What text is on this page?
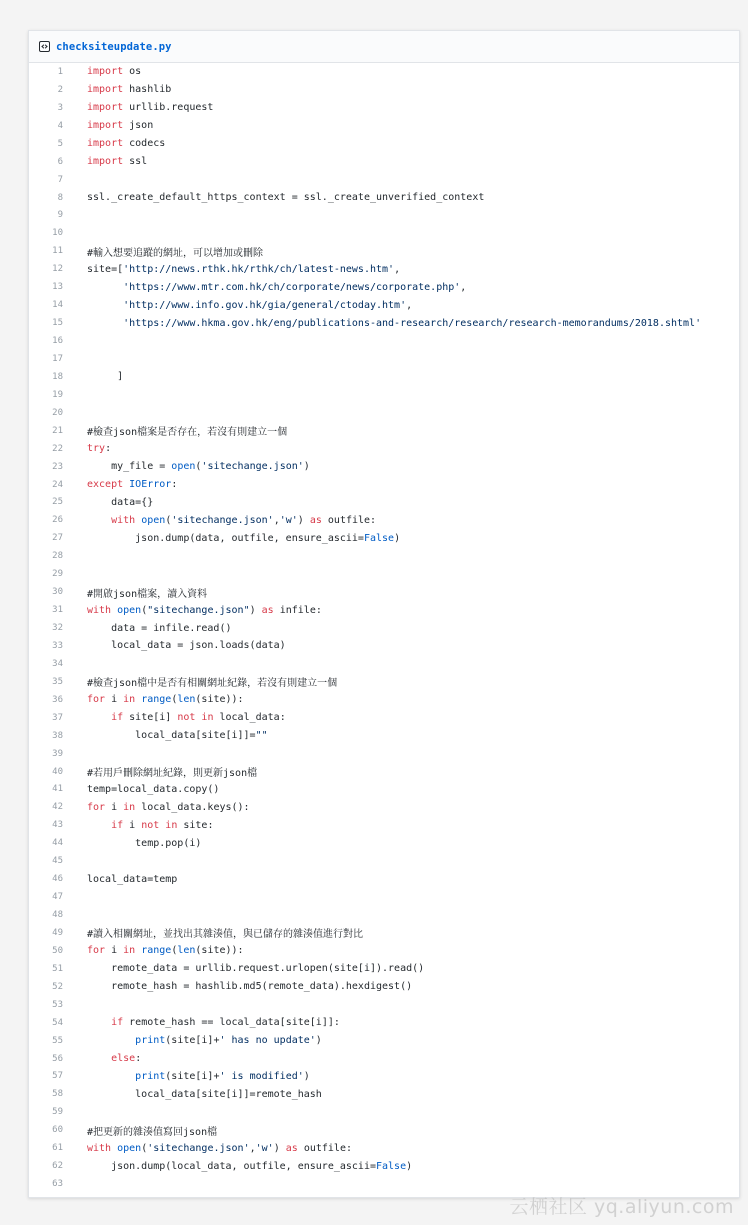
checksiteupdate.py
1	import os
2	import hashlib
3	import urllib.request
4	import json
5	import codecs
6	import ssl
7
8	ssl._create_default_https_context = ssl._create_unverified_context
9
10
11	#輸入想要追蹤的網址，可以增加或刪除
12	site=['http://news.rthk.hk/rthk/ch/latest-news.htm',
13	'https://www.mtr.com.hk/ch/corporate/news/corporate.php',
14	'http://www.info.gov.hk/gia/general/ctoday.htm',
15	'https://www.hkma.gov.hk/eng/publications-and-research/research/research-memorandums/2018.shtml'
16
17
18	]
19
20
21	#檢查json檔案是否存在，若沒有則建立一個
22	try:
23	my_file = open('sitechange.json')
24	except IOError:
25	data={}
26	with open('sitechange.json','w') as outfile:
27	json.dump(data, outfile, ensure_ascii=False)
28
29
30	#開啟json檔案，讀入資料
31	with open("sitechange.json") as infile:
32	data = infile.read()
33	local_data = json.loads(data)
34
35	#檢查json檔中是否有相關網址紀錄，若沒有則建立一個
36	for i in range(len(site)):
37	if site[i] not in local_data:
38	local_data[site[i]]=""
39
40	#若用戶刪除網址紀錄，則更新json檔
41	temp=local_data.copy()
42	for i in local_data.keys():
43	if i not in site:
44	temp.pop(i)
45
46	local_data=temp
47
48
49	#讀入相關網址，並找出其雜湊值，與已儲存的雜湊值進行對比
50	for i in range(len(site)):
51	remote_data = urllib.request.urlopen(site[i]).read()
52	remote_hash = hashlib.md5(remote_data).hexdigest()
53
54	if remote_hash == local_data[site[i]]:
55	print(site[i]+' has no update')
56	else:
57	print(site[i]+' is modified')
58	local_data[site[i]]=remote_hash
59
60	#把更新的雜湊值寫回json檔
61	with open('sitechange.json','w') as outfile:
62	json.dump(local_data, outfile, ensure_ascii=False)
63
云栖社区 yq.aliyun.com
